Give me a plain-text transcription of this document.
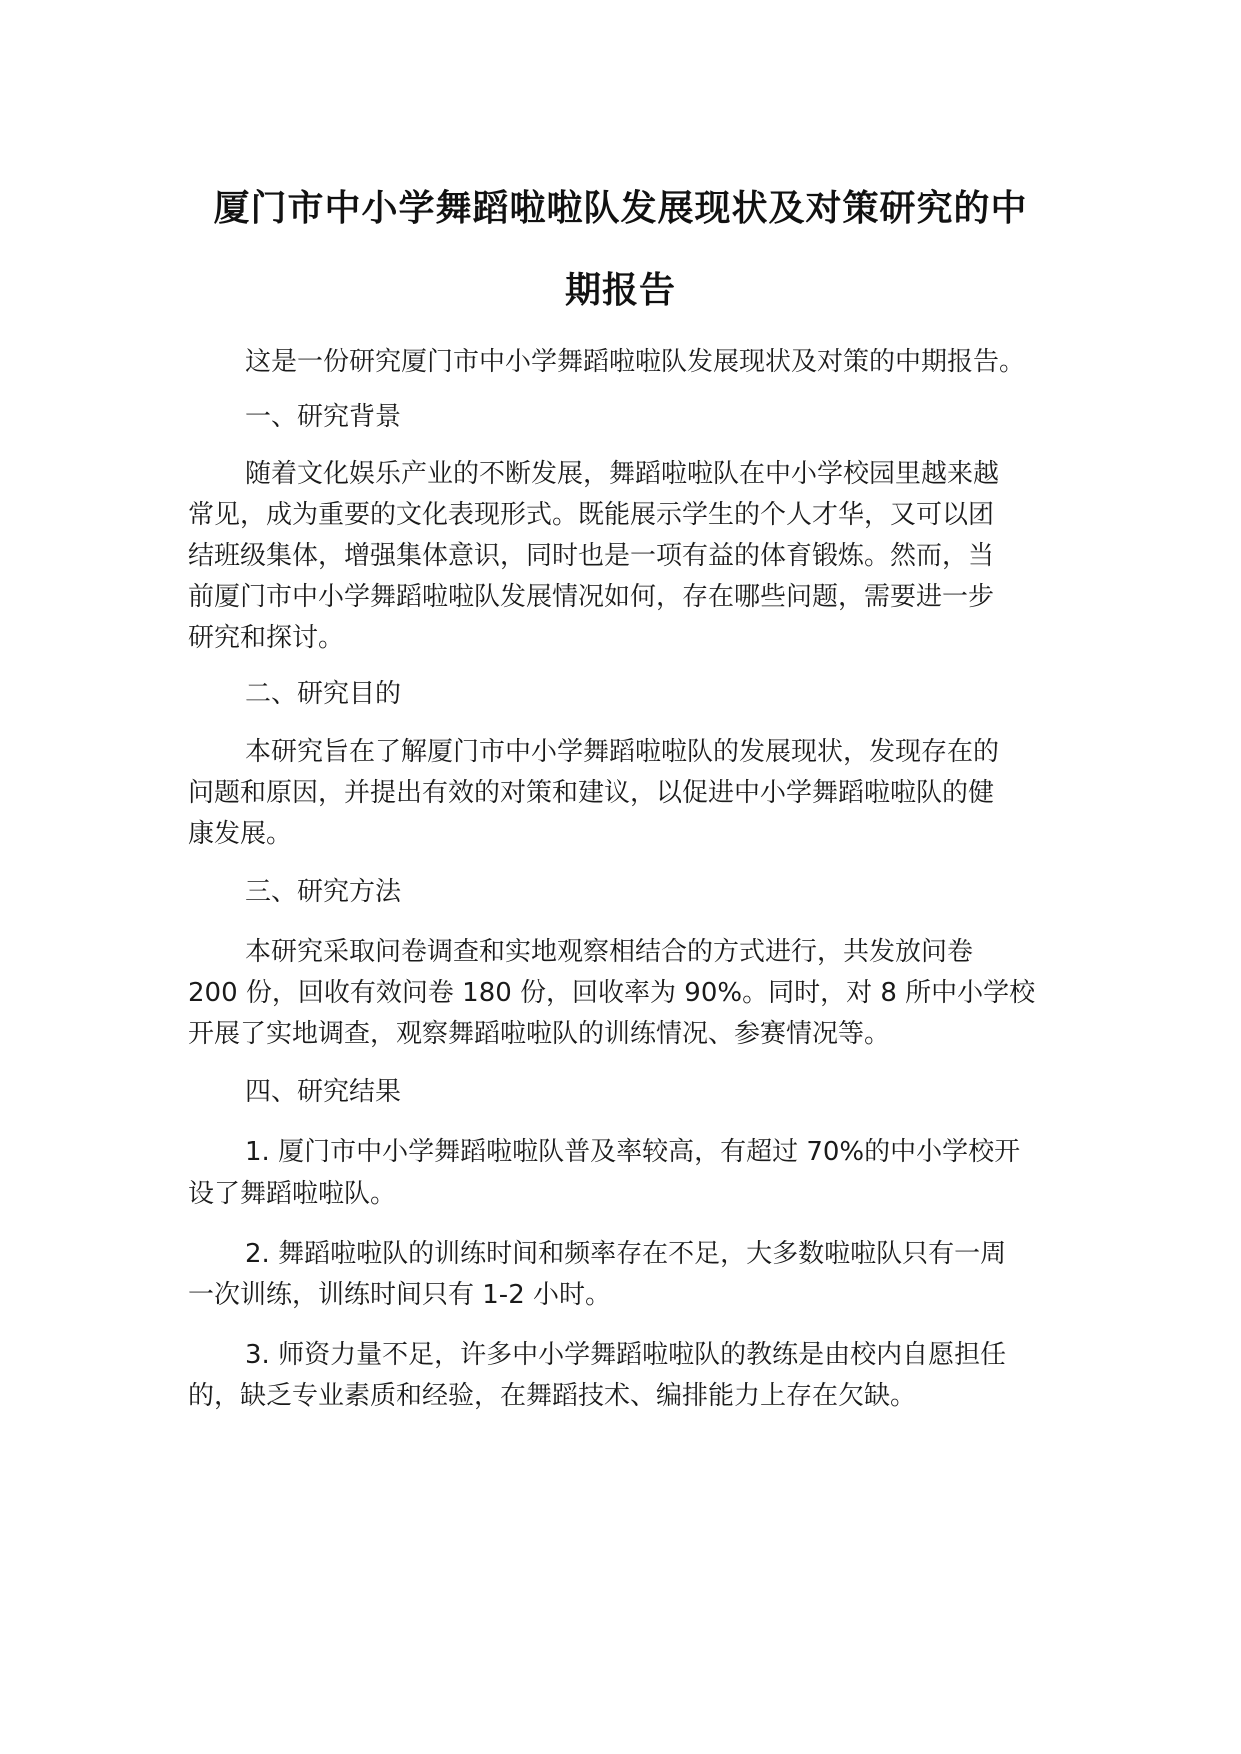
厦门市中小学舞蹈啦啦队发展现状及对策研究的中
期报告
这是一份研究厦门市中小学舞蹈啦啦队发展现状及对策的中期报告。
一、研究背景
随着文化娱乐产业的不断发展，舞蹈啦啦队在中小学校园里越来越
常见，成为重要的文化表现形式。既能展示学生的个人才华，又可以团
结班级集体，增强集体意识，同时也是一项有益的体育锻炼。然而，当
前厦门市中小学舞蹈啦啦队发展情况如何，存在哪些问题，需要进一步
研究和探讨。
二、研究目的
本研究旨在了解厦门市中小学舞蹈啦啦队的发展现状，发现存在的
问题和原因，并提出有效的对策和建议，以促进中小学舞蹈啦啦队的健
康发展。
三、研究方法
本研究采取问卷调查和实地观察相结合的方式进行，共发放问卷
200 份，回收有效问卷 180 份，回收率为 90%。同时，对 8 所中小学校
开展了实地调查，观察舞蹈啦啦队的训练情况、参赛情况等。
四、研究结果
1. 厦门市中小学舞蹈啦啦队普及率较高，有超过 70%的中小学校开
设了舞蹈啦啦队。
2. 舞蹈啦啦队的训练时间和频率存在不足，大多数啦啦队只有一周
一次训练，训练时间只有 1-2 小时。
3. 师资力量不足，许多中小学舞蹈啦啦队的教练是由校内自愿担任
的，缺乏专业素质和经验，在舞蹈技术、编排能力上存在欠缺。
